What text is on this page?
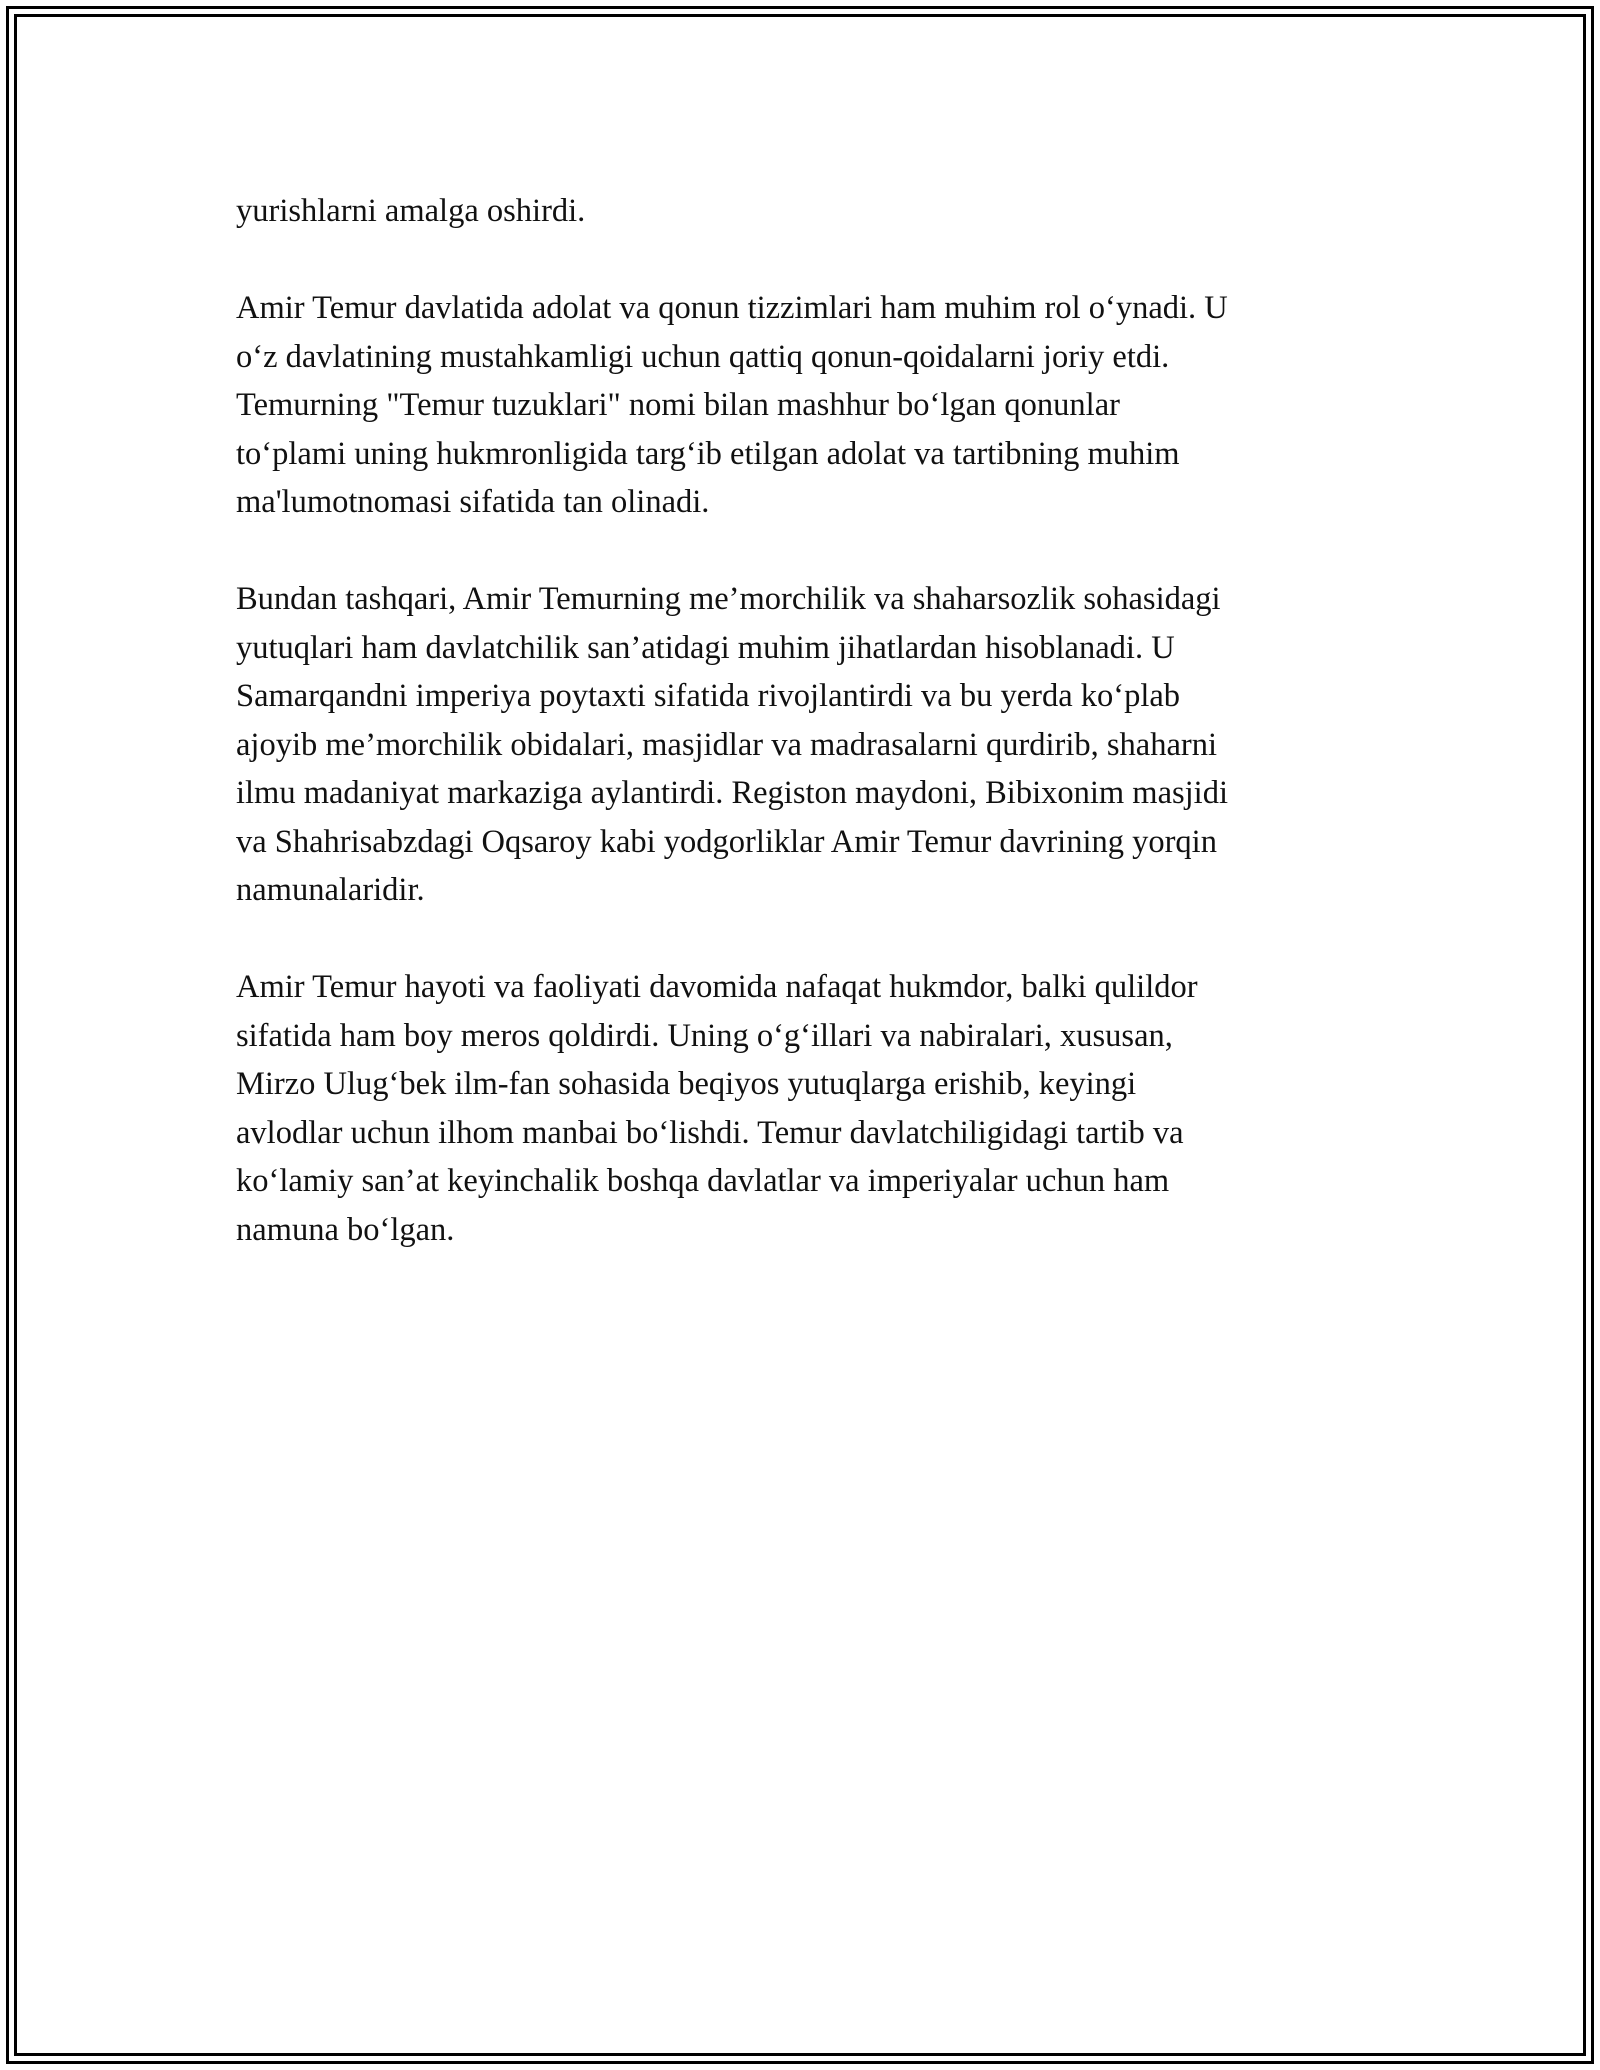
yurishlarni amalga oshirdi.

Amir Temur davlatida adolat va qonun tizzimlari ham muhim rol o‘ynadi. U
o‘z davlatining mustahkamligi uchun qattiq qonun-qoidalarni joriy etdi.
Temurning "Temur tuzuklari" nomi bilan mashhur bo‘lgan qonunlar
to‘plami uning hukmronligida targ‘ib etilgan adolat va tartibning muhim
ma'lumotnomasi sifatida tan olinadi.

Bundan tashqari, Amir Temurning me’morchilik va shaharsozlik sohasidagi
yutuqlari ham davlatchilik san’atidagi muhim jihatlardan hisoblanadi. U
Samarqandni imperiya poytaxti sifatida rivojlantirdi va bu yerda ko‘plab
ajoyib me’morchilik obidalari, masjidlar va madrasalarni qurdirib, shaharni
ilmu madaniyat markaziga aylantirdi. Registon maydoni, Bibixonim masjidi
va Shahrisabzdagi Oqsaroy kabi yodgorliklar Amir Temur davrining yorqin
namunalaridir.

Amir Temur hayoti va faoliyati davomida nafaqat hukmdor, balki qulildor
sifatida ham boy meros qoldirdi. Uning o‘g‘illari va nabiralari, xususan,
Mirzo Ulug‘bek ilm-fan sohasida beqiyos yutuqlarga erishib, keyingi
avlodlar uchun ilhom manbai bo‘lishdi. Temur davlatchiligidagi tartib va
ko‘lamiy san’at keyinchalik boshqa davlatlar va imperiyalar uchun ham
namuna bo‘lgan.
